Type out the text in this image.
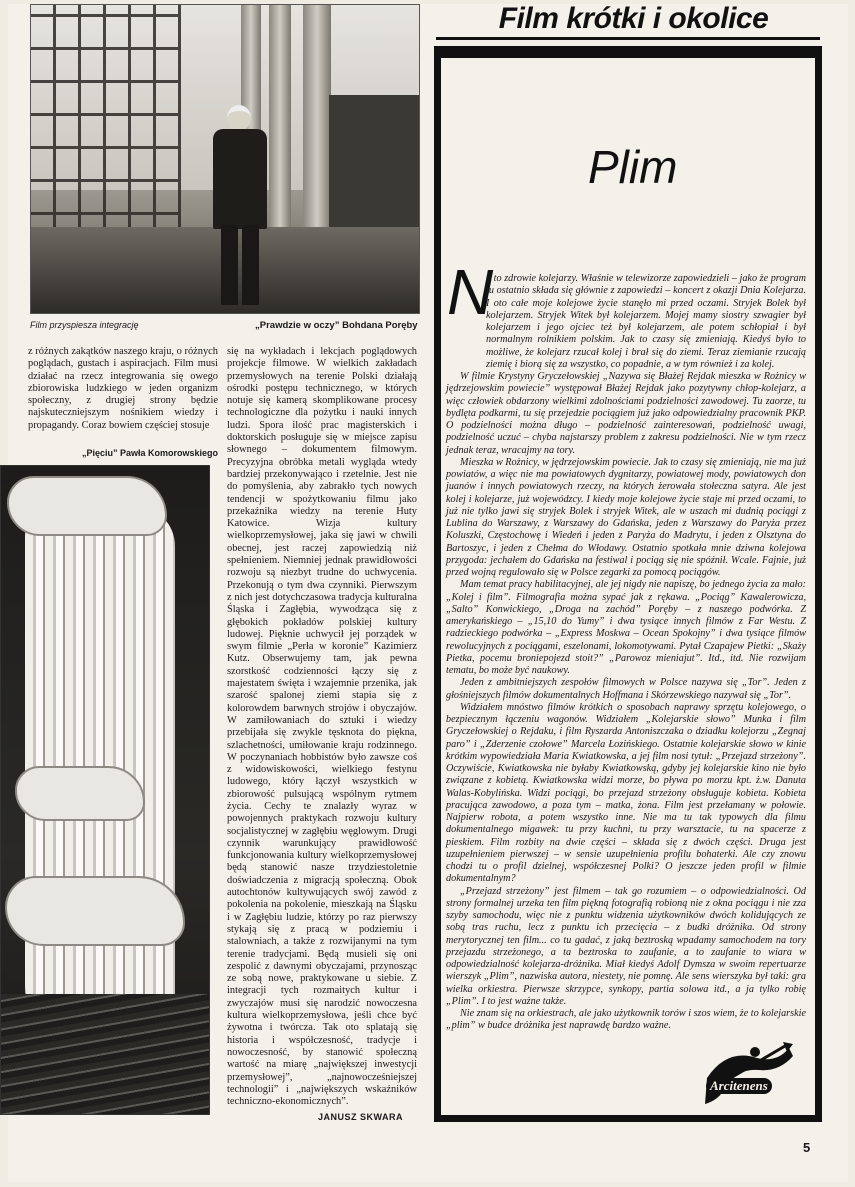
Film przyspiesza integrację	„Prawdzie w oczy” Bohdana Poręby
z różnych zakątków naszego kraju, o różnych poglądach, gustach i aspiracjach. Film musi działać na rzecz integrowania się owego zbiorowiska ludzkiego w jeden organizm społeczny, z drugiej strony będzie najskuteczniejszym nośnikiem wiedzy i propagandy. Coraz bowiem częściej stosuje
„Pięciu” Pawła Komorowskiego
się na wykładach i lekcjach poglądowych projekcje filmowe. W wielkich zakładach przemysłowych na terenie Polski działają ośrodki postępu technicznego, w których notuje się kamerą skomplikowane procesy technologiczne dla pożytku i nauki innych ludzi. Spora ilość prac magisterskich i doktorskich posługuje się w miejsce zapisu słownego – dokumentem filmowym. Precyzyjna obróbka metali wygląda wtedy bardziej przekonywająco i rzetelnie. Jest nie do pomyślenia, aby zabrakło tych nowych tendencji w spożytkowaniu filmu jako przekaźnika wiedzy na terenie Huty Katowice. Wizja kultury wielkoprzemysłowej, jaka się jawi w chwili obecnej, jest raczej zapowiedzią niż spełnieniem. Niemniej jednak prawidłowości rozwoju są niezbyt trudne do uchwycenia. Przekonują o tym dwa czynniki. Pierwszym z nich jest dotychczasowa tradycja kulturalna Śląska i Zagłębia, wywodząca się z głębokich pokładów polskiej kultury ludowej. Pięknie uchwycił jej porządek w swym filmie „Perła w koronie” Kazimierz Kutz. Obserwujemy tam, jak pewna szorstkość codzienności łączy się z majestatem święta i wzajemnie przenika, jak szarość spalonej ziemi stapia się z kolorowdem barwnych strojów i obyczajów. W zamiłowaniach do sztuki i wiedzy przebijała się zwykle tęsknota do piękna, szlachetności, umiłowanie kraju rodzinnego. W poczynaniach hobbistów było zawsze coś z widowiskowości, wielkiego festynu ludowego, który łączył wszystkich w zbiorowość pulsującą wspólnym rytmem życia. Cechy te znalazły wyraz w powojennych praktykach rozwoju kultury socjalistycznej w zagłębiu węglowym. Drugi czynnik warunkujący prawidłowość funkcjonowania kultury wielkoprzemysłowej będą stanowić nasze trzydziestoletnie doświadczenia z migracją społeczną. Obok autochtonów kultywujących swój zawód z pokolenia na pokolenie, mieszkają na Śląsku i w Zagłębiu ludzie, którzy po raz pierwszy stykają się z pracą w podziemiu i stalowniach, a także z rozwijanymi na tym terenie tradycjami. Będą musieli się oni zespolić z dawnymi obyczajami, przynosząc ze sobą nowe, praktykowane u siebie. Z integracji tych rozmaitych kultur i zwyczajów musi się narodzić nowoczesna kultura wielkoprzemysłowa, jeśli chce być żywotna i twórcza. Tak oto splatają się historia i współczesność, tradycje i nowoczesność, by stanowić społeczną wartość na miarę „największej inwestycji przemysłowej”, „najnowocześniejszej technologii” i „największych wskaźników techniczno-ekonomicznych”.
JANUSZ SKWARA
Film krótki i okolice
Plim
N

o to zdrowie kolejarzy. Właśnie w telewizorze zapowiedzieli – jako że program tu ostatnio składa się głównie z zapowiedzi – koncert z okazji Dnia Kolejarza. I oto całe moje kolejowe życie stanęło mi przed oczami. Stryjek Bolek był kolejarzem. Stryjek Witek był kolejarzem. Mojej mamy siostry szwagier był kolejarzem i jego ojciec też był kolejarzem, ale potem schłopiał i był normalnym rolnikiem polskim. Jak to czasy się zmieniają. Kiedyś było to możliwe, że kolejarz rzucał kolej i brał się do ziemi. Teraz ziemianie rzucają ziemię i biorą się za wszystko, co popadnie, a w tym również i za kolej.

W filmie Krystyny Gryczełowskiej „Nazywa się Błażej Rejdak mieszka w Rożnicy w jędrzejowskim powiecie” występował Błażej Rejdak jako pozytywny chłop-kolejarz, a więc człowiek obdarzony wielkimi zdolnościami podzielności zawodowej. Tu zaorze, tu bydlęta podkarmi, tu się przejedzie pociągiem już jako odpowiedzialny pracownik PKP. O podzielności można długo – podzielność zainteresowań, podzielność uwagi, podzielność uczuć – chyba najstarszy problem z zakresu podzielności. Nie w tym rzecz jednak teraz, wracajmy na tory.

Mieszka w Rożnicy, w jędrzejowskim powiecie. Jak to czasy się zmieniają, nie ma już powiatów, a więc nie ma powiatowych dygnitarzy, powiatowej mody, powiatowych don juanów i innych powiatowych rzeczy, na których żerowała stołeczna satyra. Ale jest kolej i kolejarze, już wojewódzcy. I kiedy moje kolejowe życie staje mi przed oczami, to już nie tylko jawi się stryjek Bolek i stryjek Witek, ale w uszach mi dudnią pociągi z Lublina do Warszawy, z Warszawy do Gdańska, jeden z Warszawy do Paryża przez Koluszki, Częstochowę i Wiedeń i jeden z Paryża do Madrytu, i jeden z Olsztyna do Bartoszyc, i jeden z Chełma do Włodawy. Ostatnio spotkała mnie dziwna kolejowa przygoda: jechałem do Gdańska na festiwal i pociąg się nie spóźnił. Wcale. Fajnie, już przed wojną regulowało się w Polsce zegarki za pomocą pociągów.

Mam temat pracy habilitacyjnej, ale jej nigdy nie napiszę, bo jednego życia za mało: „Kolej i film”. Filmografia można sypać jak z rękawa. „Pociąg” Kawalerowicza, „Salto” Konwickiego, „Droga na zachód” Poręby – z naszego podwórka. Z amerykańskiego – „15,10 do Yumy” i dwa tysiące innych filmów z Far Westu. Z radzieckiego podwórka – „Express Moskwa – Ocean Spokojny” i dwa tysiące filmów rewolucyjnych z pociągami, eszelonami, lokomotywami. Pytał Czapajew Pietki: „Skaży Pietka, pocemu broniepojezd stoit?” „Parowoz mieniajut”. Itd., itd. Nie rozwijam tematu, bo może być naukowy.

Jeden z ambitniejszych zespołów filmowych w Polsce nazywa się „Tor”. Jeden z głośniejszych filmów dokumentalnych Hoffmana i Skórzewskiego nazywał się „Tor”.

Widziałem mnóstwo filmów krótkich o sposobach naprawy sprzętu kolejowego, o bezpiecznym łączeniu wagonów. Widziałem „Kolejarskie słowo” Munka i film Gryczełowskiej o Rejdaku, i film Ryszarda Antoniszczaka o dziadku kolejorzu „Zegnaj paro” i „Zderzenie czołowe” Marcela Łozińskiego. Ostatnie kolejarskie słowo w kinie krótkim wypowiedziała Maria Kwiatkowska, a jej film nosi tytuł: „Przejazd strzeżony”. Oczywiście, Kwiatkowska nie byłaby Kwiatkowską, gdyby jej kolejarskie kino nie było związane z kobietą. Kwiatkowska widzi morze, bo pływa po morzu kpt. ż.w. Danuta Walas-Kobylińska. Widzi pociągi, bo przejazd strzeżony obsługuje kobieta. Kobieta pracująca zawodowo, a poza tym – matka, żona. Film jest przełamany w połowie. Najpierw robota, a potem wszystko inne. Nie ma tu tak typowych dla filmu dokumentalnego migawek: tu przy kuchni, tu przy warsztacie, tu na spacerze z pieskiem. Film rozbity na dwie części – składa się z dwóch części. Druga jest uzupełnieniem pierwszej – w sensie uzupełnienia profilu bohaterki. Ale czy znowu chodzi tu o profil dzielnej, współczesnej Polki? O jeszcze jeden profil w filmie dokumentalnym?

„Przejazd strzeżony” jest filmem – tak go rozumiem – o odpowiedzialności. Od strony formalnej urzeka ten film piękną fotografią robioną nie z okna pociągu i nie zza szyby samochodu, więc nie z punktu widzenia użytkowników dwóch kolidujących ze sobą tras ruchu, lecz z punktu ich przecięcia – z budki dróżnika. Od strony merytorycznej ten film... co tu gadać, z jaką beztroską wpadamy samochodem na tory przejazdu strzeżonego, a ta beztroska to zaufanie, a to zaufanie to wiara w odpowiedzialność kolejarza-dróżnika. Miał kiedyś Adolf Dymsza w swoim repertuarze wierszyk „Plim”, nazwiska autora, niestety, nie pomnę. Ale sens wierszyka był taki: gra wielka orkiestra. Pierwsze skrzypce, synkopy, partia solowa itd., a ja tylko robię „Plim”. I to jest ważne także.

Nie znam się na orkiestrach, ale jako użytkownik torów i szos wiem, że to kolejarskie „plim” w budce dróżnika jest naprawdę bardzo ważne.

Arcitenens
5
